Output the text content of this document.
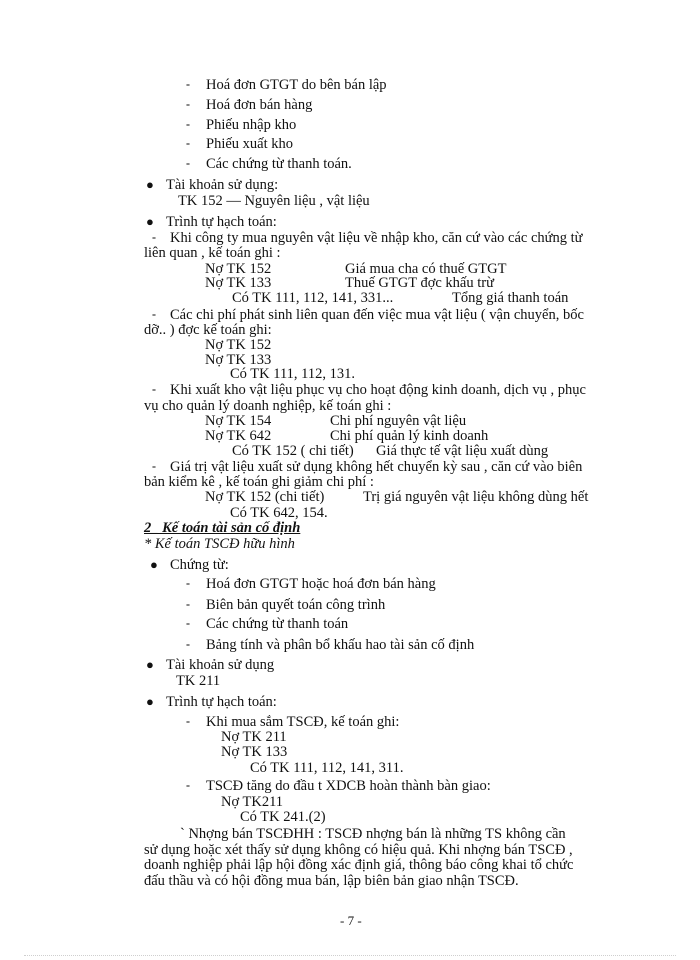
- Hoá đơn GTGT do bên bán lập
- Hoá đơn bán hàng
- Phiếu nhập kho
- Phiếu xuất kho
- Các chứng từ thanh toán.
● Tài khoản sử dụng:
TK 152 — Nguyên liệu , vật liệu
● Trình tự hạch toán:
- Khi công ty mua nguyên vật liệu về nhập kho, căn cứ vào các chứng từ
liên quan , kế toán ghi :
Nợ TK 152	Giá mua cha có thuế GTGT
Nợ TK 133	Thuế GTGT đợc khấu trừ
Có TK 111, 112, 141, 331...	Tổng giá thanh toán
- Các chi phí phát sinh liên quan đến việc mua vật liệu ( vận chuyển, bốc
dỡ.. ) đợc kế toán ghi:
Nợ TK 152
Nợ TK 133
Có TK 111, 112, 131.
- Khi xuất kho vật liệu phục vụ cho hoạt động kinh doanh, dịch vụ , phục
vụ cho quản lý doanh nghiệp, kế toán ghi :
Nợ TK 154	Chi phí nguyên vật liệu
Nợ TK 642	Chi phí quản lý kinh doanh
Có TK 152 ( chi tiết) Giá thực tế vật liệu xuất dùng
- Giá trị vật liệu xuất sử dụng không hết chuyển kỳ sau , căn cứ vào biên
bản kiểm kê , kế toán ghi giảm chi phí :
Nợ TK 152 (chi tiết)	Trị giá nguyên vật liệu không dùng hết
Có TK 642, 154.
2_ Kế toán tài sản cố định
* Kế toán TSCĐ hữu hình
● Chứng từ:
- Hoá đơn GTGT hoặc hoá đơn bán hàng
- Biên bản quyết toán công trình
- Các chứng từ thanh toán
- Bảng tính và phân bổ khấu hao tài sản cố định
● Tài khoản sử dụng
TK 211
● Trình tự hạch toán:
- Khi mua sắm TSCĐ, kế toán ghi:
Nợ TK 211
Nợ TK 133
Có TK 111, 112, 141, 311.
- TSCĐ tăng do đầu t XDCB hoàn thành bàn giao:
Nợ TK211
Có TK 241.(2)
` Nhợng bán TSCĐHH : TSCĐ nhợng bán là những TS không cần
sử dụng hoặc xét thấy sử dụng không có hiệu quả. Khi nhợng bán TSCĐ ,
doanh nghiệp phải lập hội đồng xác định giá, thông báo công khai tổ chức
đấu thầu và có hội đồng mua bán, lập biên bản giao nhận TSCĐ.
- 7 -
